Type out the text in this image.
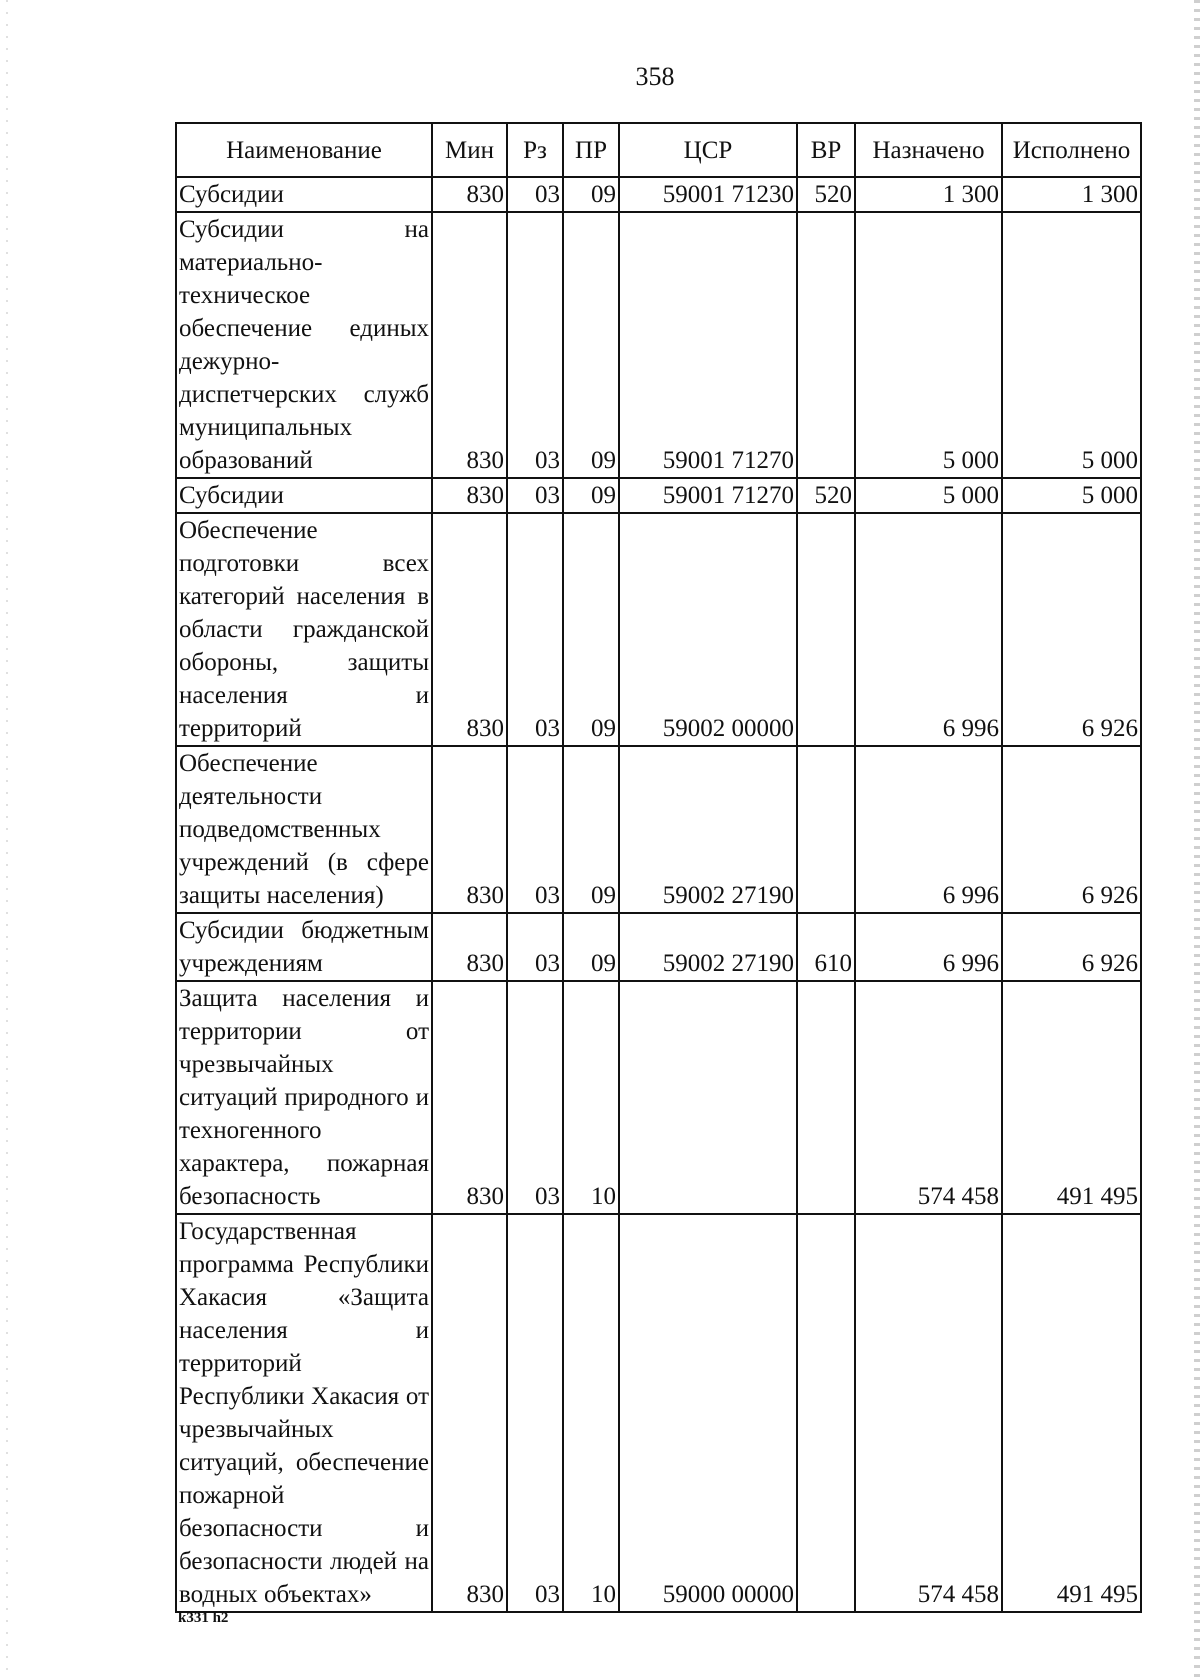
358
Наименование	Мин	Рз	ПР	ЦСР	ВР	Назначено	Исполнено
Субсидии	830	03	09	59001 71230	520	1 300	1 300
Субсидии на материально-техническое обеспечение единых дежурно-диспетчерских служб муниципальных образований	830	03	09	59001 71270		5 000	5 000
Субсидии	830	03	09	59001 71270	520	5 000	5 000
Обеспечение подготовки всех категорий населения в области гражданской обороны, защиты населения и территорий	830	03	09	59002 00000		6 996	6 926
Обеспечение деятельности подведомственных учреждений (в сфере защиты населения)	830	03	09	59002 27190		6 996	6 926
Субсидии бюджетным учреждениям	830	03	09	59002 27190	610	6 996	6 926
Защита населения и территории от чрезвычайных ситуаций природного и техногенного характера, пожарная безопасность	830	03	10			574 458	491 495
Государственная программа Республики Хакасия «Защита населения и территорий Республики Хакасия от чрезвычайных ситуаций, обеспечение пожарной безопасности и безопасности людей на водных объектах»	830	03	10	59000 00000		574 458	491 495
k331 h2
